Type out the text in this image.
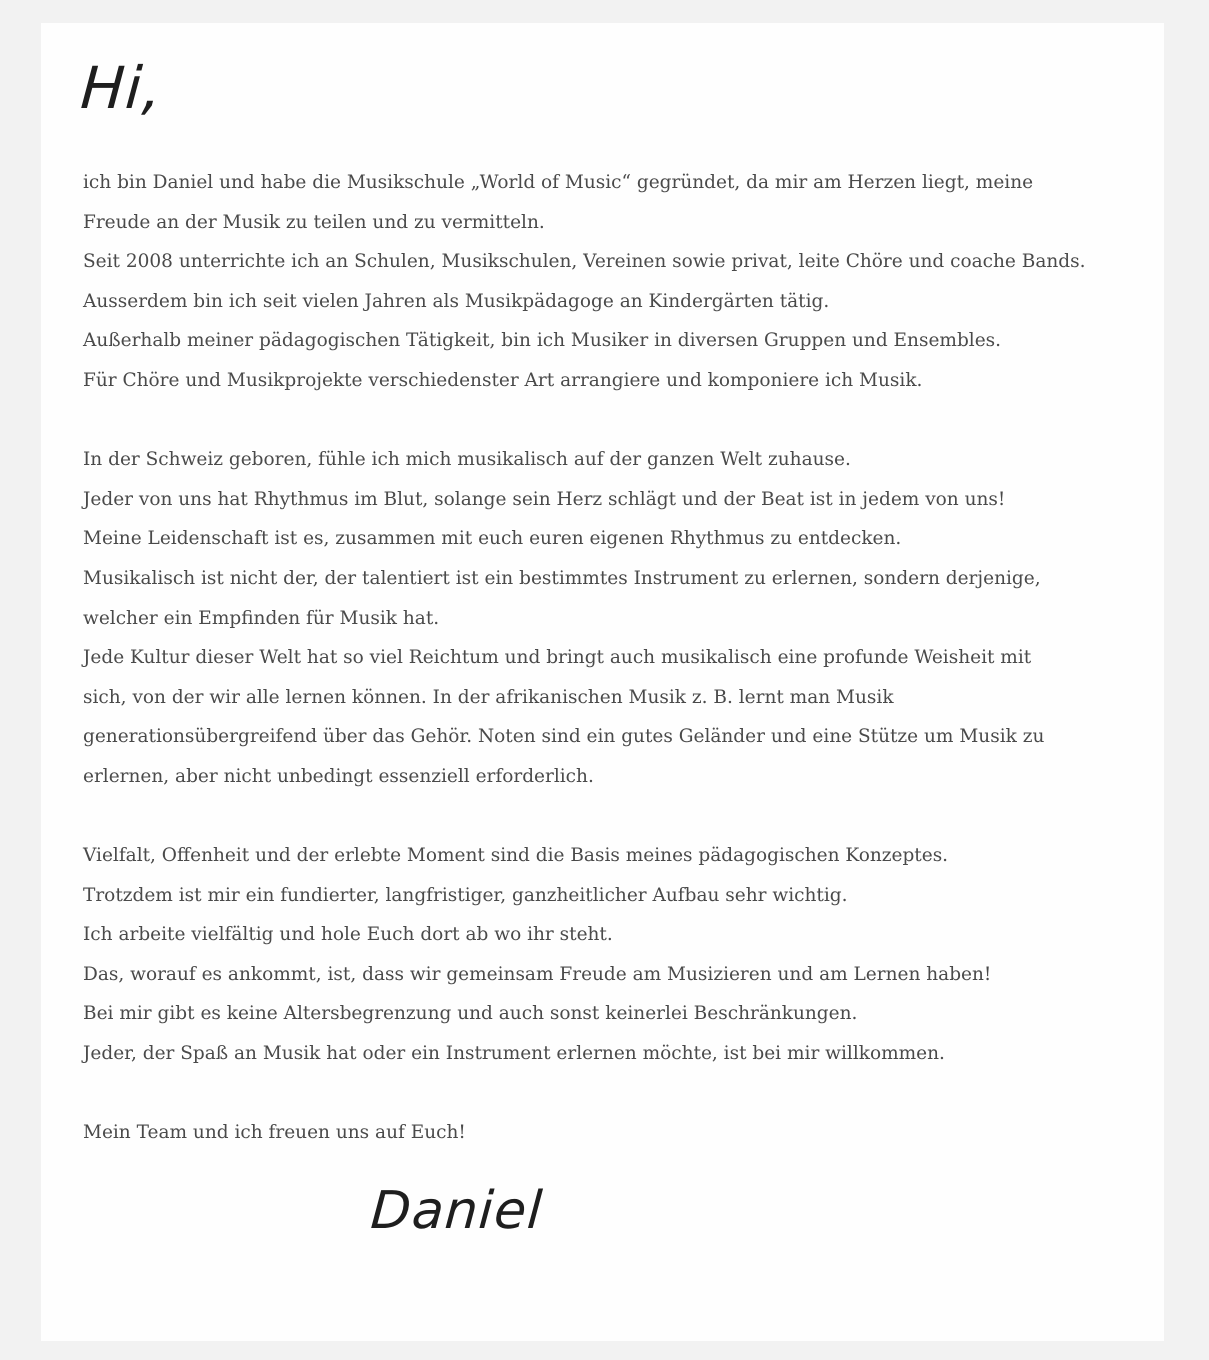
Hi,

ich bin Daniel und habe die Musikschule „World of Music“ gegründet, da mir am Herzen liegt, meine

Freude an der Musik zu teilen und zu vermitteln.

Seit 2008 unterrichte ich an Schulen, Musikschulen, Vereinen sowie privat, leite Chöre und coache Bands.

Ausserdem bin ich seit vielen Jahren als Musikpädagoge an Kindergärten tätig.

Außerhalb meiner pädagogischen Tätigkeit, bin ich Musiker in diversen Gruppen und Ensembles.

Für Chöre und Musikprojekte verschiedenster Art arrangiere und komponiere ich Musik.

In der Schweiz geboren, fühle ich mich musikalisch auf der ganzen Welt zuhause.

Jeder von uns hat Rhythmus im Blut, solange sein Herz schlägt und der Beat ist in jedem von uns!

Meine Leidenschaft ist es, zusammen mit euch euren eigenen Rhythmus zu entdecken.

Musikalisch ist nicht der, der talentiert ist ein bestimmtes Instrument zu erlernen, sondern derjenige,

welcher ein Empfinden für Musik hat.

Jede Kultur dieser Welt hat so viel Reichtum und bringt auch musikalisch eine profunde Weisheit mit

sich, von der wir alle lernen können. In der afrikanischen Musik z. B. lernt man Musik

generationsübergreifend über das Gehör. Noten sind ein gutes Geländer und eine Stütze um Musik zu

erlernen, aber nicht unbedingt essenziell erforderlich.

Vielfalt, Offenheit und der erlebte Moment sind die Basis meines pädagogischen Konzeptes.

Trotzdem ist mir ein fundierter, langfristiger, ganzheitlicher Aufbau sehr wichtig.

Ich arbeite vielfältig und hole Euch dort ab wo ihr steht.

Das, worauf es ankommt, ist, dass wir gemeinsam Freude am Musizieren und am Lernen haben!

Bei mir gibt es keine Altersbegrenzung und auch sonst keinerlei Beschränkungen.

Jeder, der Spaß an Musik hat oder ein Instrument erlernen möchte, ist bei mir willkommen.

Mein Team und ich freuen uns auf Euch!

Daniel
